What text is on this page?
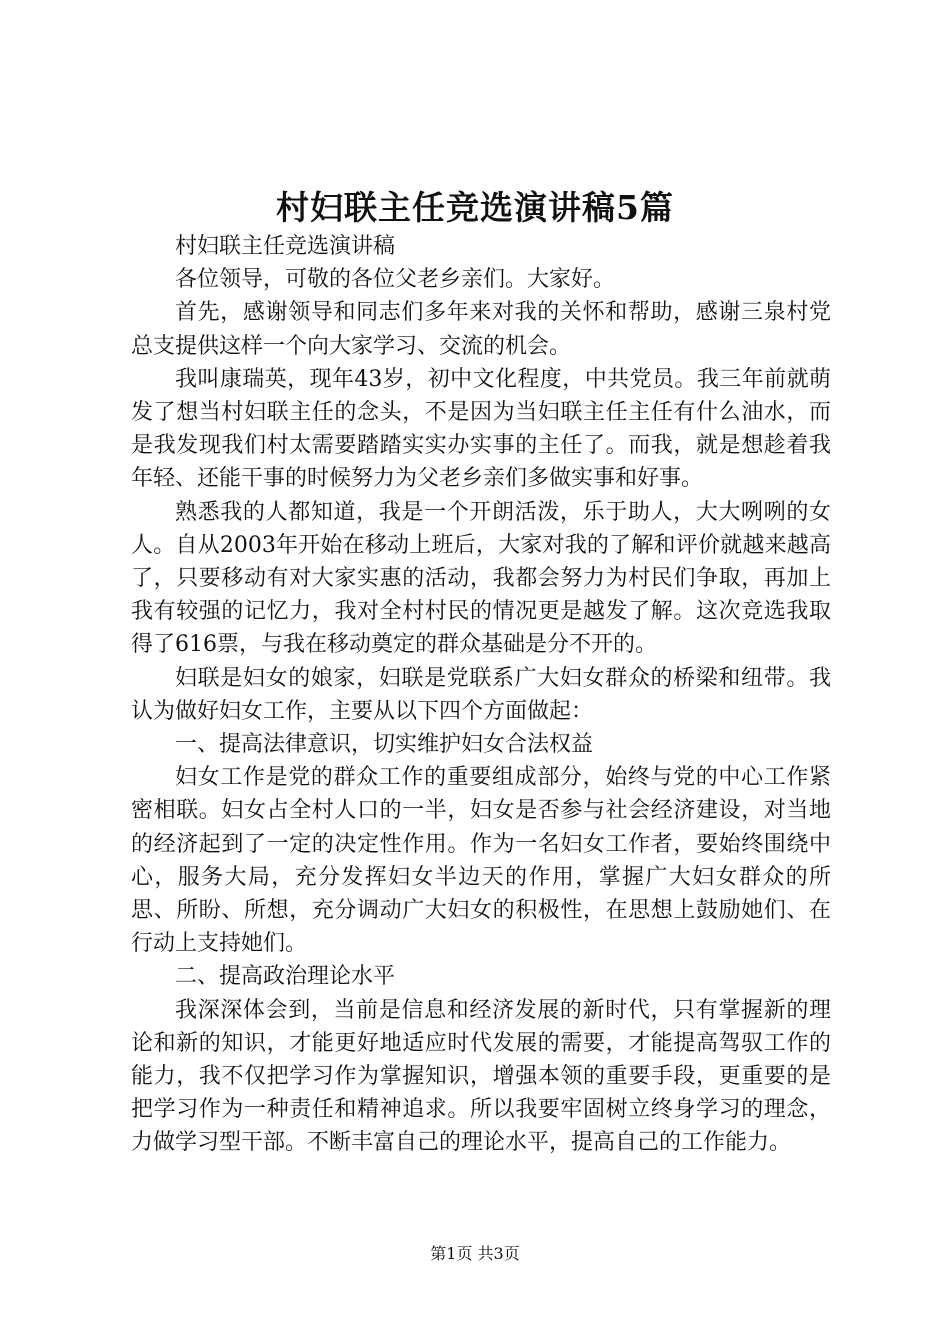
村妇联主任竞选演讲稿5篇

村妇联主任竞选演讲稿

各位领导，可敬的各位父老乡亲们。大家好。

首先，感谢领导和同志们多年来对我的关怀和帮助，感谢三泉村党总支提供这样一个向大家学习、交流的机会。

我叫康瑞英，现年43岁，初中文化程度，中共党员。我三年前就萌发了想当村妇联主任的念头，不是因为当妇联主任主任有什么油水，而是我发现我们村太需要踏踏实实办实事的主任了。而我，就是想趁着我年轻、还能干事的时候努力为父老乡亲们多做实事和好事。

熟悉我的人都知道，我是一个开朗活泼，乐于助人，大大咧咧的女人。自从2003年开始在移动上班后，大家对我的了解和评价就越来越高了，只要移动有对大家实惠的活动，我都会努力为村民们争取，再加上我有较强的记忆力，我对全村村民的情况更是越发了解。这次竞选我取得了616票，与我在移动奠定的群众基础是分不开的。

妇联是妇女的娘家，妇联是党联系广大妇女群众的桥梁和纽带。我认为做好妇女工作，主要从以下四个方面做起：

一、提高法律意识，切实维护妇女合法权益

妇女工作是党的群众工作的重要组成部分，始终与党的中心工作紧密相联。妇女占全村人口的一半，妇女是否参与社会经济建设，对当地的经济起到了一定的决定性作用。作为一名妇女工作者，要始终围绕中心，服务大局，充分发挥妇女半边天的作用，掌握广大妇女群众的所思、所盼、所想，充分调动广大妇女的积极性，在思想上鼓励她们、在行动上支持她们。

二、提高政治理论水平

我深深体会到，当前是信息和经济发展的新时代，只有掌握新的理论和新的知识，才能更好地适应时代发展的需要，才能提高驾驭工作的能力，我不仅把学习作为掌握知识，增强本领的重要手段，更重要的是把学习作为一种责任和精神追求。所以我要牢固树立终身学习的理念，力做学习型干部。不断丰富自己的理论水平，提高自己的工作能力。

第1页 共3页
